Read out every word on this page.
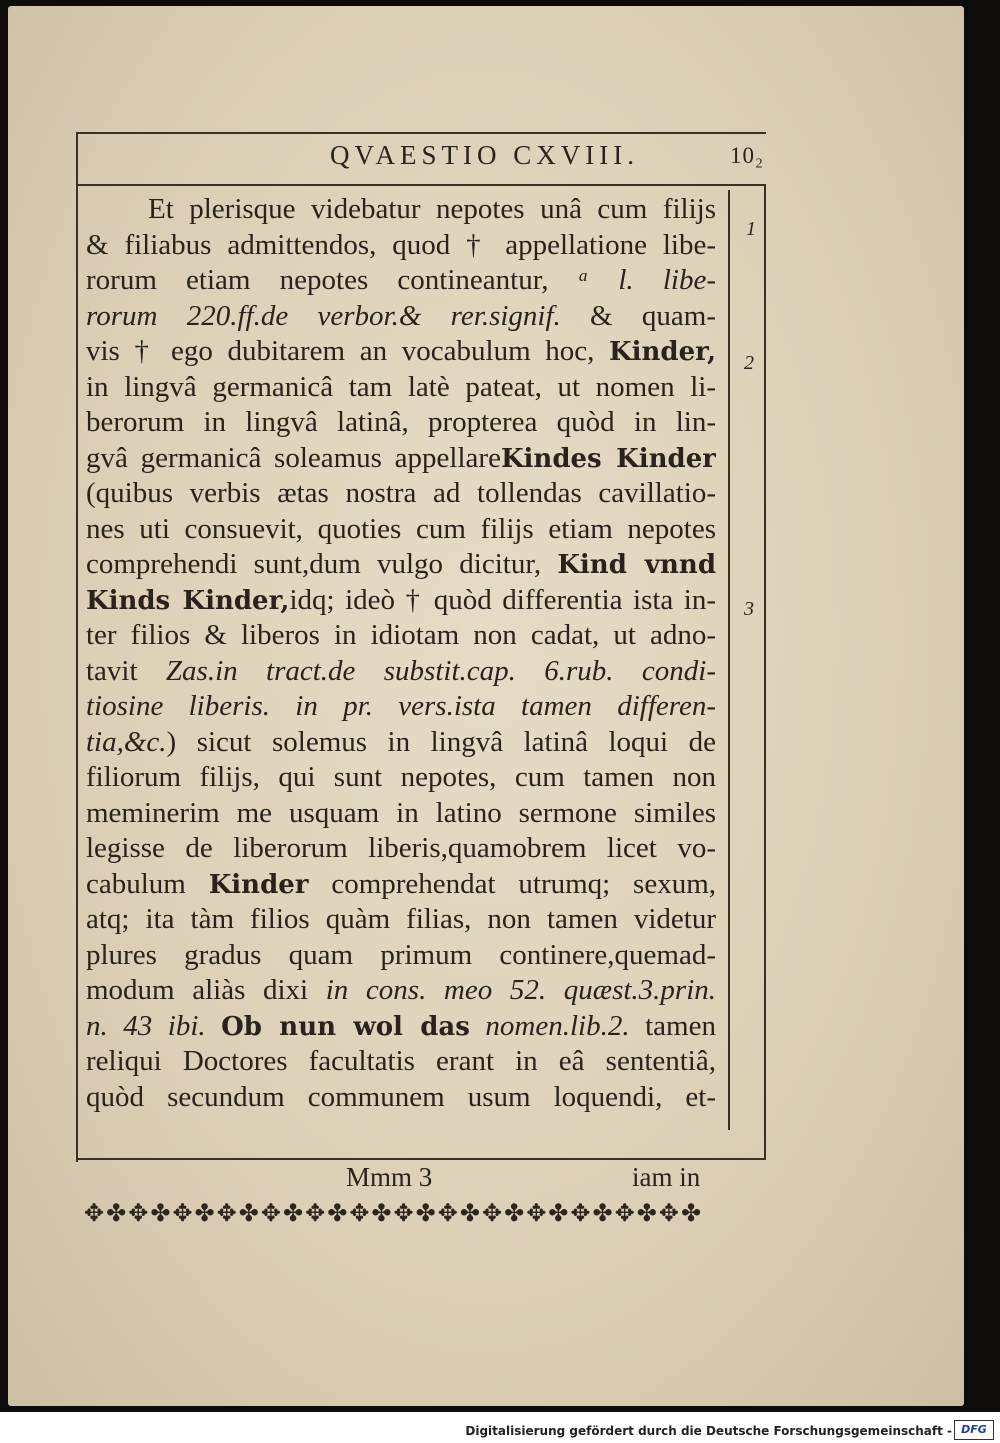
QVAESTIO CXVIII.	10₂
Et plerisque videbatur nepotes unâ cum filijs
& filiabus admittendos, quod † appellatione libe-
rorum etiam nepotes contineantur, ᵃ l. libe-
rorum 220.ff.de verbor.& rer.signif. & quam-
vis † ego dubitarem an vocabulum hoc, Kinder,
in lingvâ germanicâ tam latè pateat, ut nomen li-
berorum in lingvâ latinâ, propterea quòd in lin-
gvâ germanicâ soleamus appellareKindes Kinder
(quibus verbis ætas nostra ad tollendas cavillatio-
nes uti consuevit, quoties cum filijs etiam nepotes
comprehendi sunt,dum vulgo dicitur, Kind vnnd
Kinds Kinder,idq; ideò † quòd differentia ista in-
ter filios & liberos in idiotam non cadat, ut adno-
tavit Zas.in tract.de substit.cap. 6.rub. condi-
tiosine liberis. in pr. vers.ista tamen differen-
tia,&c.) sicut solemus in lingvâ latinâ loqui de
filiorum filijs, qui sunt nepotes, cum tamen non
meminerim me usquam in latino sermone similes
legisse de liberorum liberis,quamobrem licet vo-
cabulum Kinder comprehendat utrumq; sexum,
atq; ita tàm filios quàm filias, non tamen videtur
plures gradus quam primum continere,quemad-
modum aliàs dixi in cons. meo 52. quæst.3.prin.
n. 43 ibi. Ob nun wol das nomen.lib.2. tamen
reliqui Doctores facultatis erant in eâ sententiâ,
quòd secundum communem usum loquendi, et-
1
2
3
Mmm 3	iam in
✥✤✥✤✥✤✥✤✥✤✥✤✥✤✥✤✥✤✥✤✥✤✥✤✥✤✥✤
Digitalisierung gefördert durch die Deutsche Forschungsgemeinschaft - DFG
